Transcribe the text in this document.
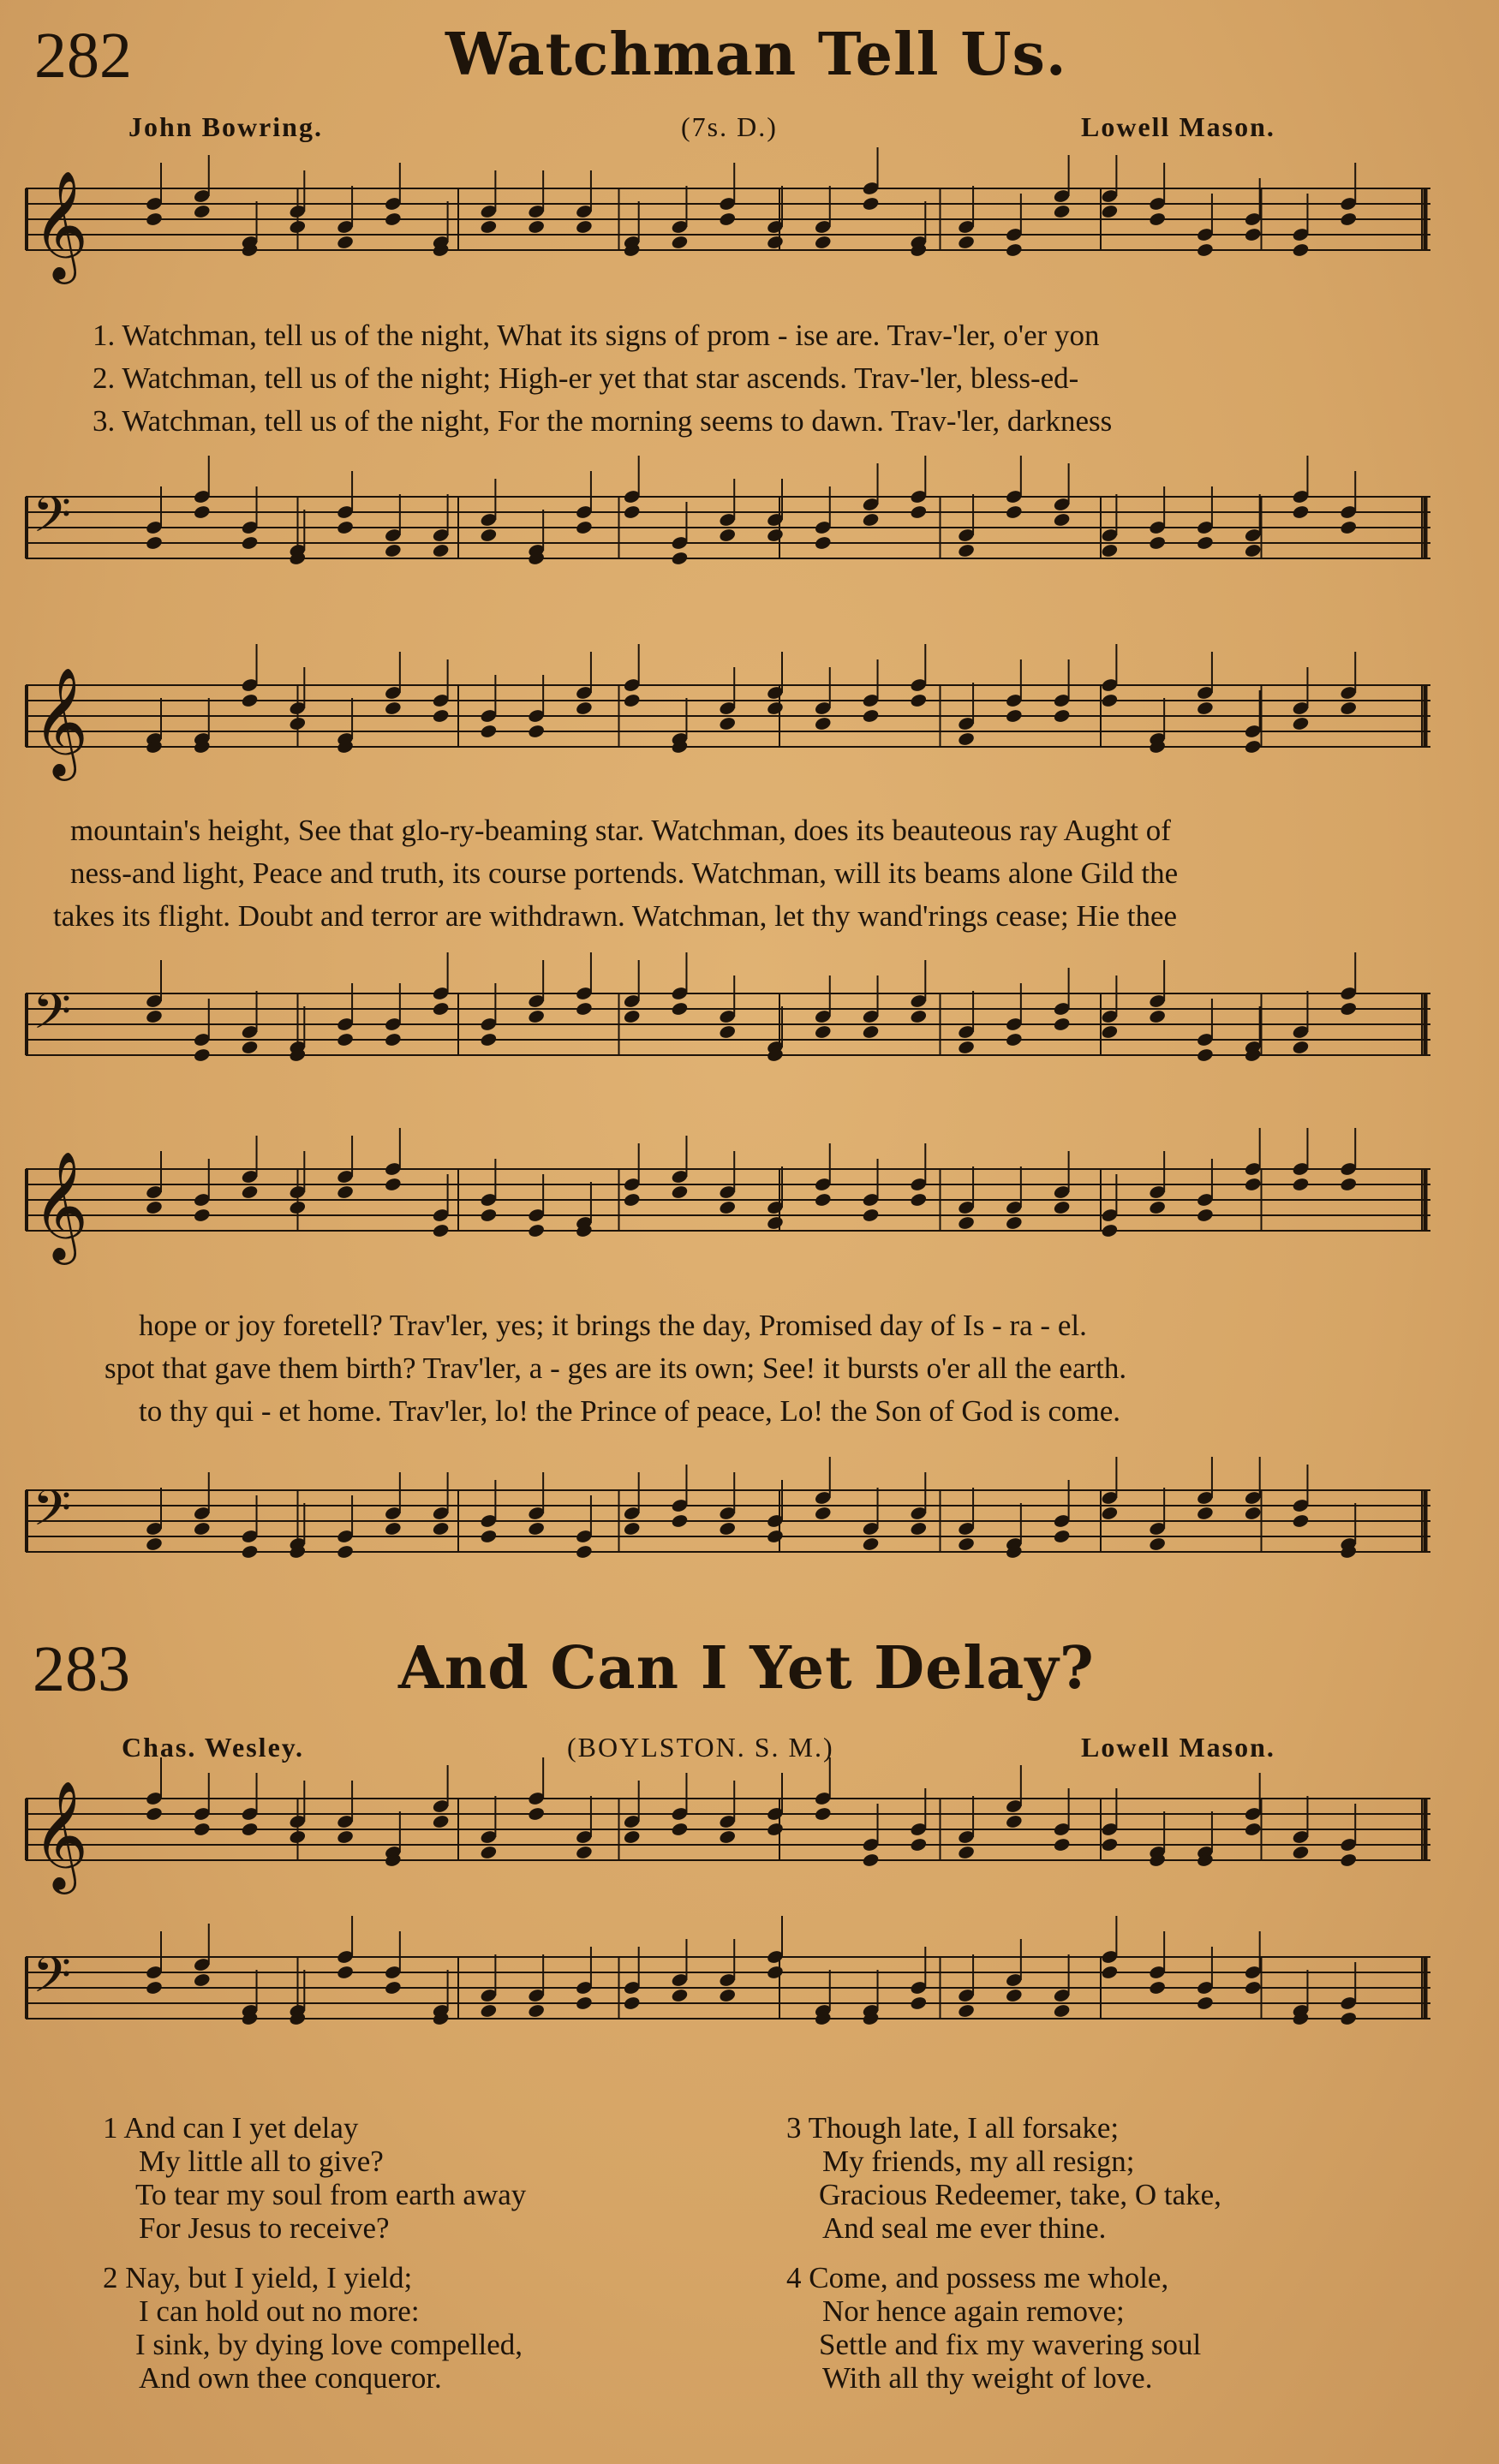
282	Watchman Tell Us.
John Bowring.	(7s. D.)	Lowell Mason.
𝄞
1. Watchman, tell us of the night, What its signs of prom - ise are. Trav-'ler, o'er yon
2. Watchman, tell us of the night; High-er yet that star ascends. Trav-'ler, bless-ed-
3. Watchman, tell us of the night, For the morning seems to dawn. Trav-'ler, darkness
𝄢
𝄞
mountain's height, See that glo-ry-beaming star. Watchman, does its beauteous ray Aught of
ness-and light, Peace and truth, its course portends. Watchman, will its beams alone Gild the
takes its flight. Doubt and terror are withdrawn. Watchman, let thy wand'rings cease; Hie thee
𝄢
𝄞
hope or joy foretell? Trav'ler, yes; it brings the day, Promised day of Is - ra - el.
spot that gave them birth? Trav'ler, a - ges are its own; See! it bursts o'er all the earth.
to thy qui - et home. Trav'ler, lo! the Prince of peace, Lo! the Son of God is come.
𝄢
283	And Can I Yet Delay?
Chas. Wesley.	(BOYLSTON. S. M.)	Lowell Mason.
𝄞
𝄢
1 And can I yet delay
My little all to give?
To tear my soul from earth away
For Jesus to receive?
3 Though late, I all forsake;
My friends, my all resign;
Gracious Redeemer, take, O take,
And seal me ever thine.
2 Nay, but I yield, I yield;
I can hold out no more:
I sink, by dying love compelled,
And own thee conqueror.
4 Come, and possess me whole,
Nor hence again remove;
Settle and fix my wavering soul
With all thy weight of love.
